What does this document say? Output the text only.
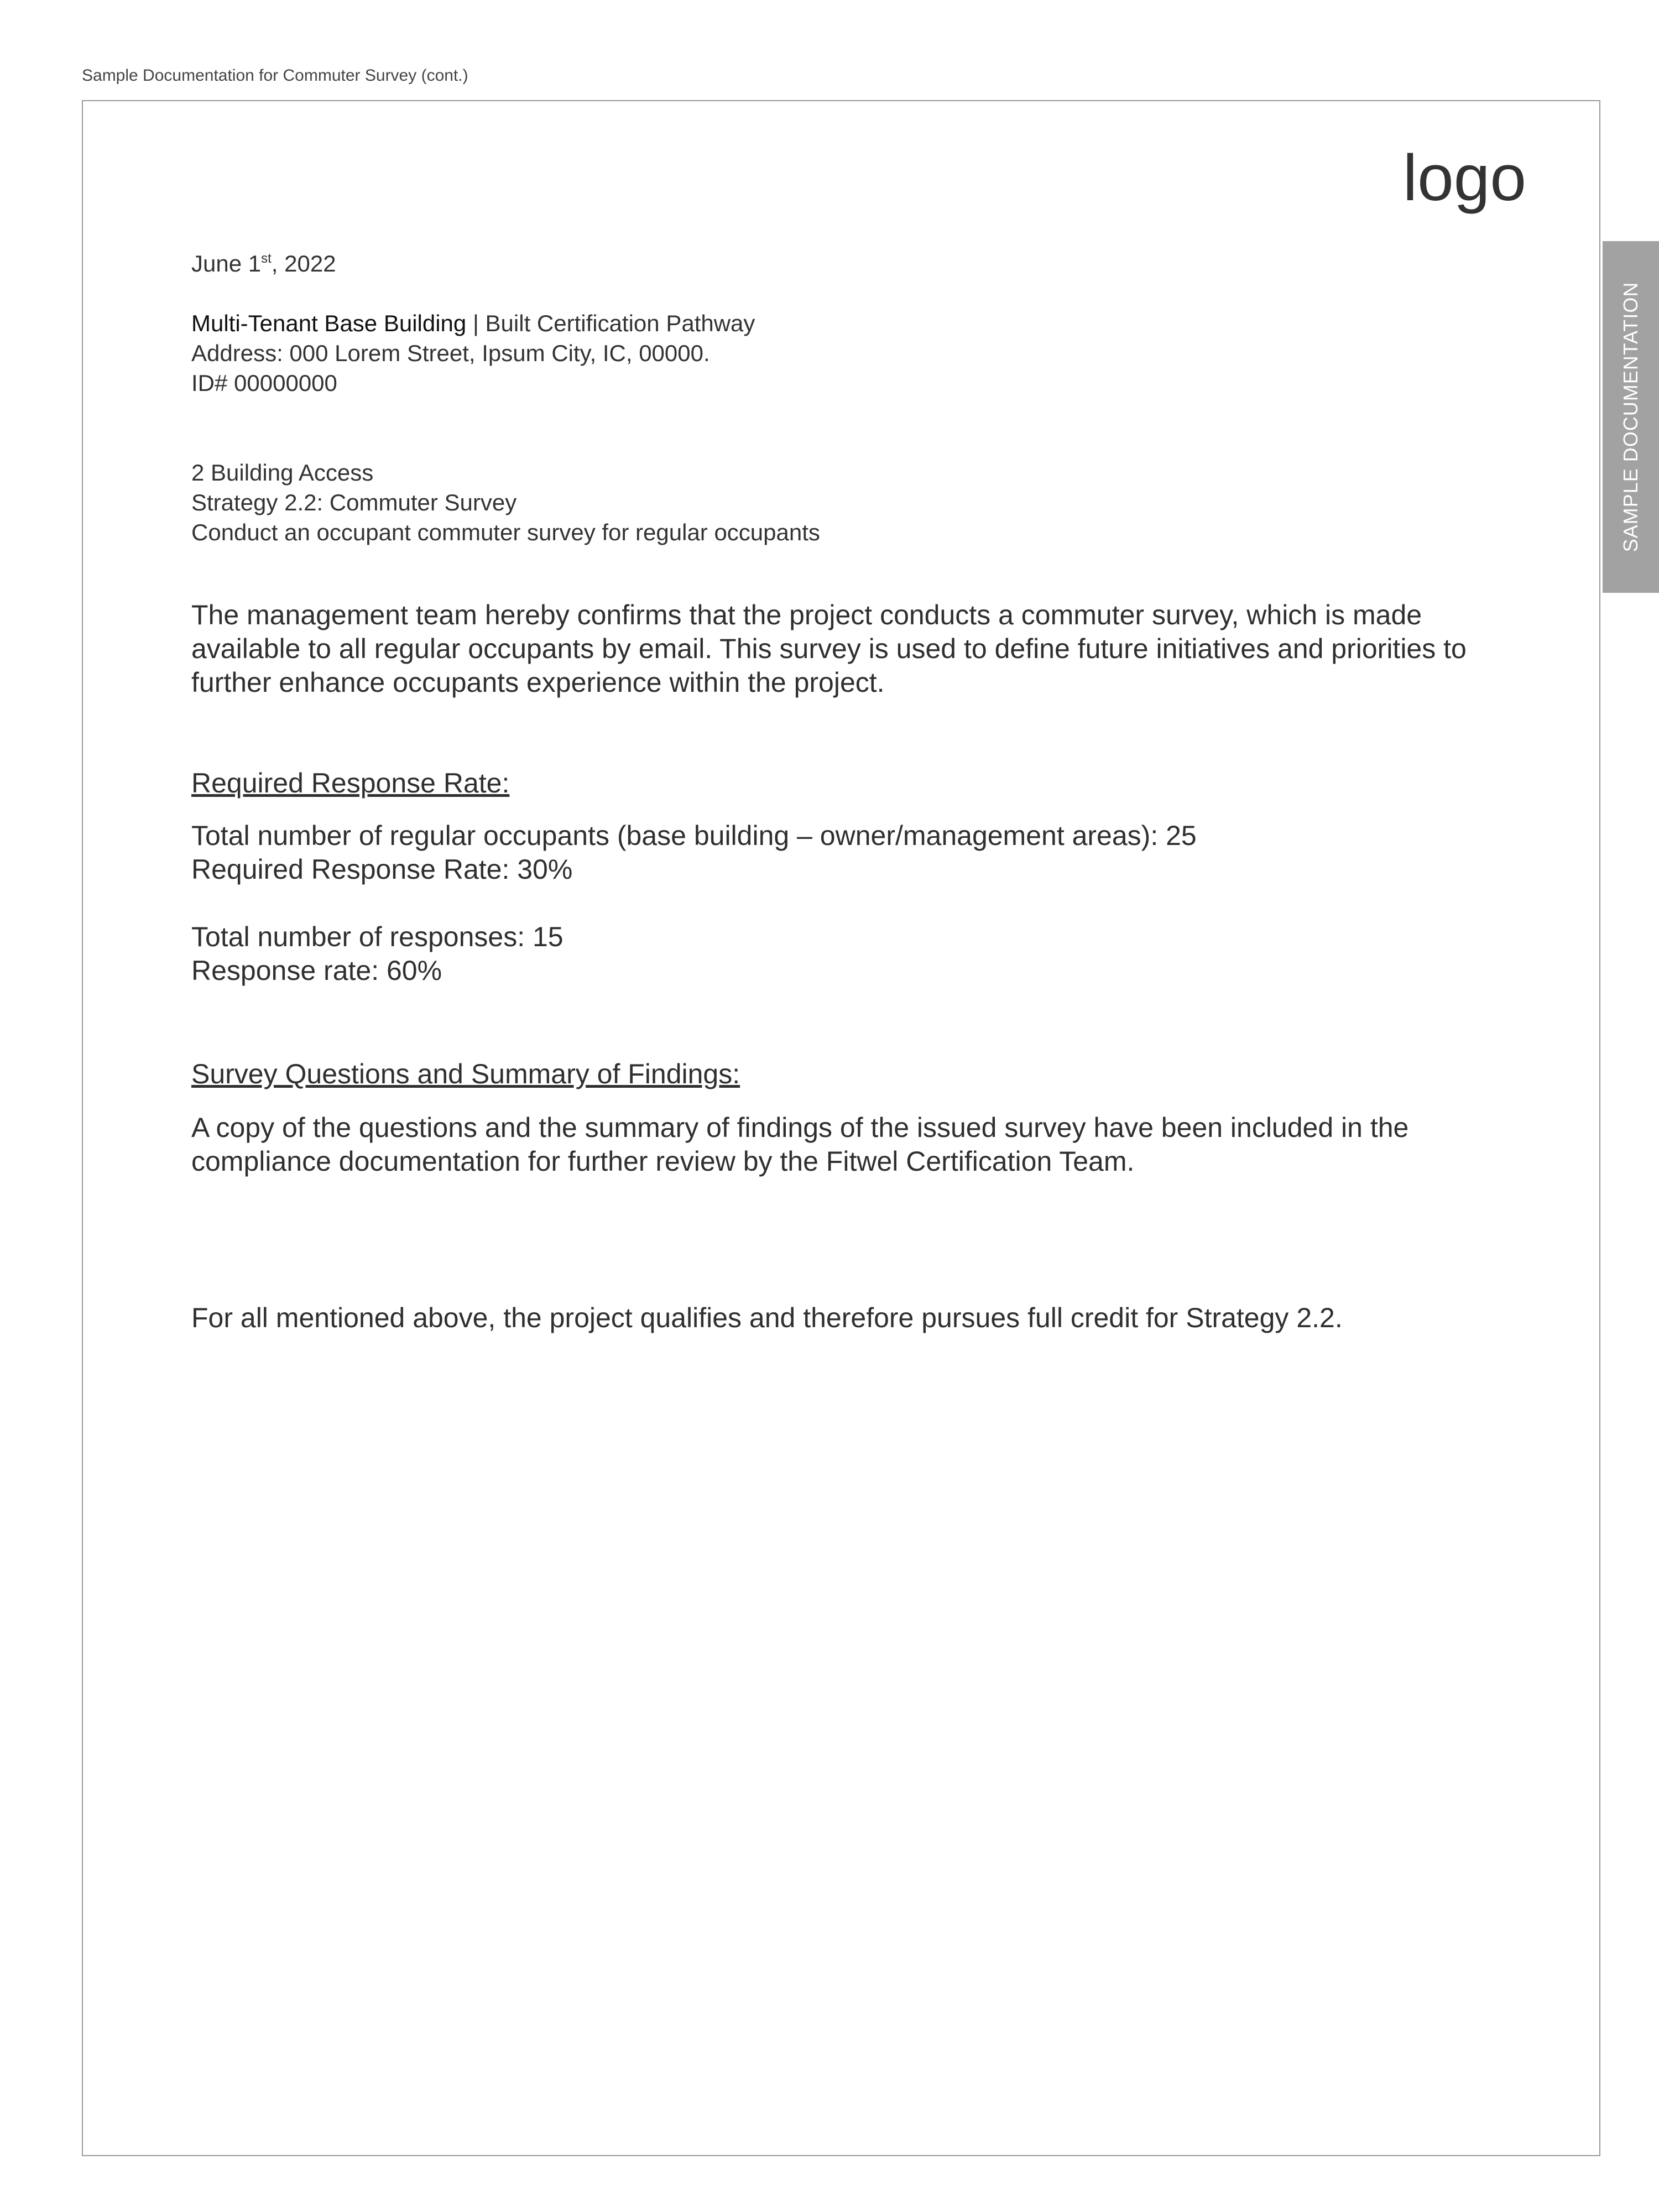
Sample Documentation for Commuter Survey (cont.)
logo
SAMPLE DOCUMENTATION
June 1st, 2022
Multi-Tenant Base Building | Built Certification Pathway
Address: 000 Lorem Street, Ipsum City, IC, 00000.
ID# 00000000
2 Building Access
Strategy 2.2: Commuter Survey
Conduct an occupant commuter survey for regular occupants

The management team hereby confirms that the project conducts a commuter survey, which is made available to all regular occupants by email. This survey is used to define future initiatives and priorities to further enhance occupants experience within the project.

Required Response Rate:
Total number of regular occupants (base building – owner/management areas): 25
Required Response Rate: 30%
Total number of responses: 15
Response rate: 60%
Survey Questions and Summary of Findings:

A copy of the questions and the summary of findings of the issued survey have been included in the compliance documentation for further review by the Fitwel Certification Team.

For all mentioned above, the project qualifies and therefore pursues full credit for Strategy 2.2.
